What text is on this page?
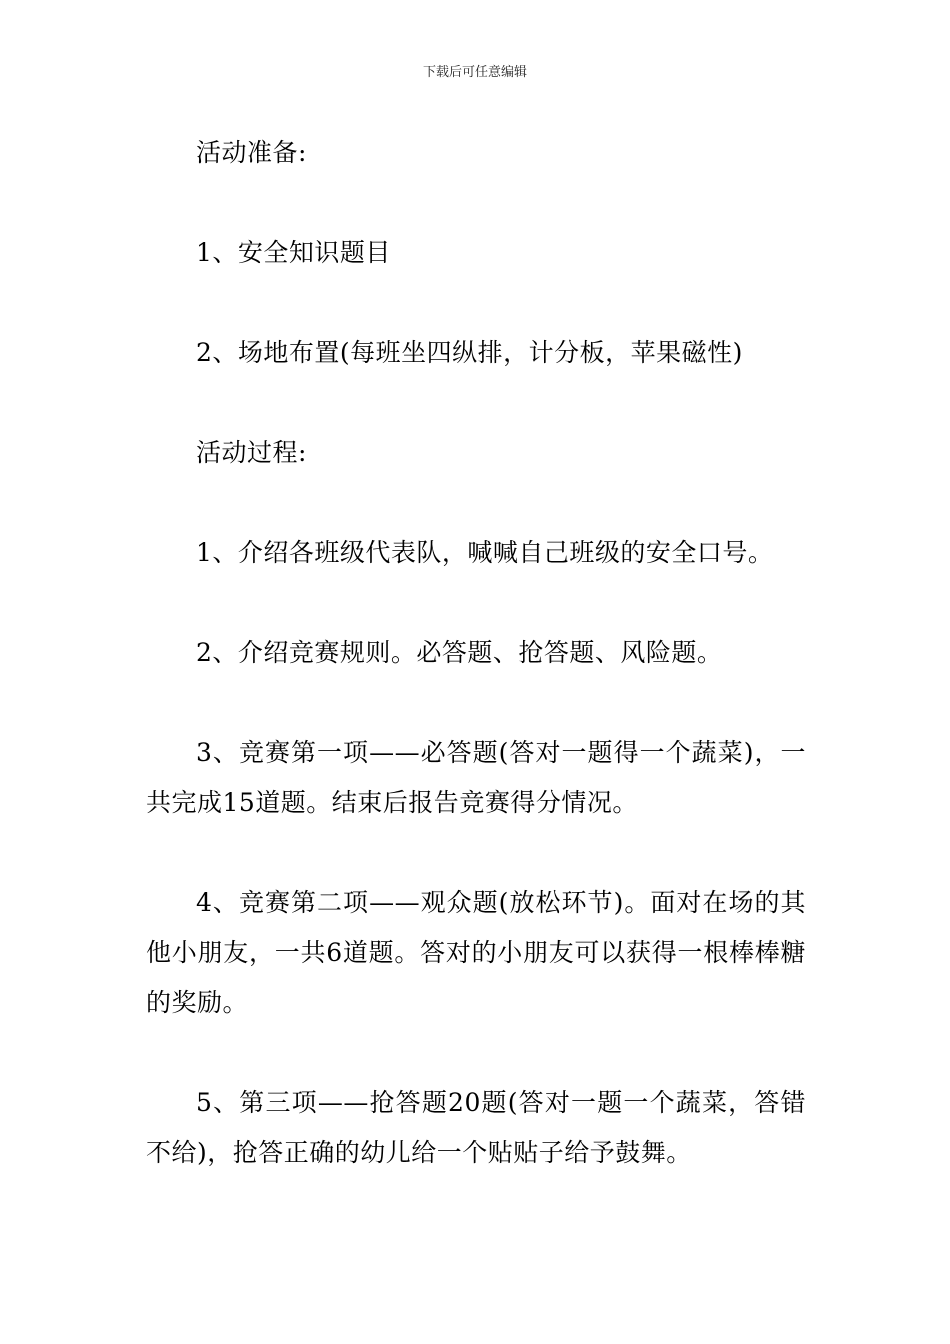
下载后可任意编辑

活动准备:

1、安全知识题目

2、场地布置(每班坐四纵排，计分板，苹果磁性)

活动过程:

1、介绍各班级代表队，喊喊自己班级的安全口号。

2、介绍竞赛规则。必答题、抢答题、风险题。

3、竞赛第一项——必答题(答对一题得一个蔬菜)，一共完成15道题。结束后报告竞赛得分情况。

4、竞赛第二项——观众题(放松环节)。面对在场的其他小朋友，一共6道题。答对的小朋友可以获得一根棒棒糖的奖励。

5、第三项——抢答题20题(答对一题一个蔬菜，答错不给)，抢答正确的幼儿给一个贴贴子给予鼓舞。
